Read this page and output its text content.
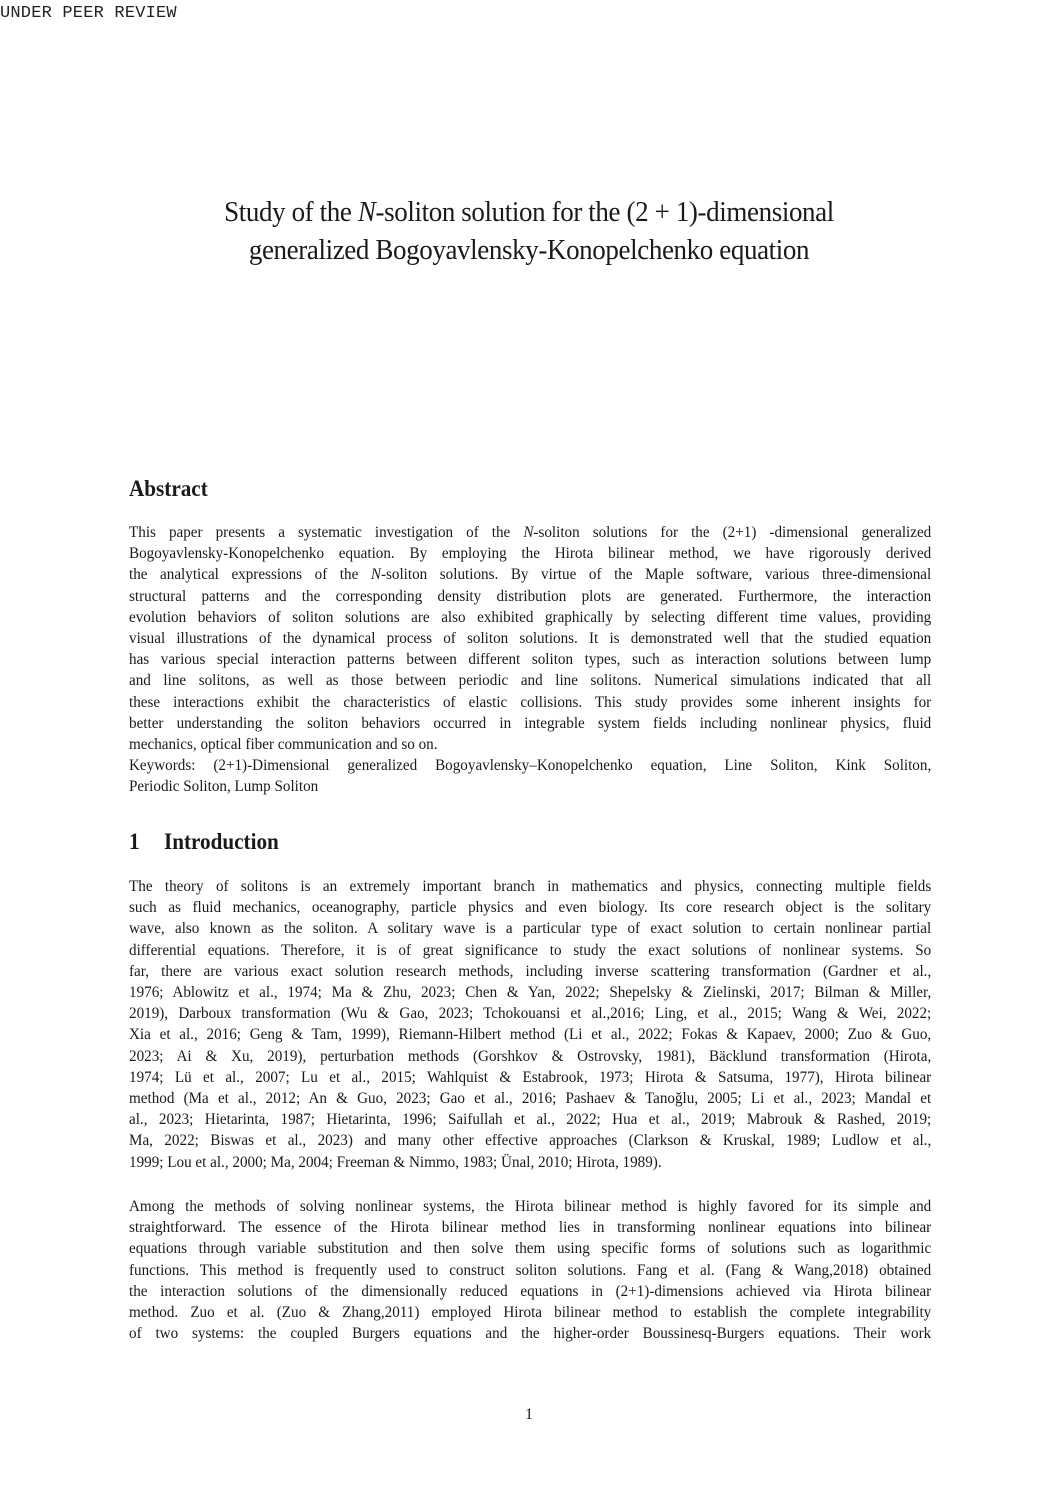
UNDER PEER REVIEW
Study of the N-soliton solution for the (2 + 1)-dimensional
generalized Bogoyavlensky-Konopelchenko equation
Abstract
This paper presents a systematic investigation of the N-soliton solutions for the (2+1) -dimensional generalized
Bogoyavlensky-Konopelchenko equation. By employing the Hirota bilinear method, we have rigorously derived
the analytical expressions of the N-soliton solutions. By virtue of the Maple software, various three-dimensional
structural patterns and the corresponding density distribution plots are generated. Furthermore, the interaction
evolution behaviors of soliton solutions are also exhibited graphically by selecting different time values, providing
visual illustrations of the dynamical process of soliton solutions. It is demonstrated well that the studied equation
has various special interaction patterns between different soliton types, such as interaction solutions between lump
and line solitons, as well as those between periodic and line solitons. Numerical simulations indicated that all
these interactions exhibit the characteristics of elastic collisions. This study provides some inherent insights for
better understanding the soliton behaviors occurred in integrable system fields including nonlinear physics, fluid
mechanics, optical fiber communication and so on.
Keywords: (2+1)-Dimensional generalized Bogoyavlensky–Konopelchenko equation, Line Soliton, Kink Soliton,
Periodic Soliton, Lump Soliton
1 Introduction
The theory of solitons is an extremely important branch in mathematics and physics, connecting multiple fields
such as fluid mechanics, oceanography, particle physics and even biology. Its core research object is the solitary
wave, also known as the soliton. A solitary wave is a particular type of exact solution to certain nonlinear partial
differential equations. Therefore, it is of great significance to study the exact solutions of nonlinear systems. So
far, there are various exact solution research methods, including inverse scattering transformation (Gardner et al.,
1976; Ablowitz et al., 1974; Ma & Zhu, 2023; Chen & Yan, 2022; Shepelsky & Zielinski, 2017; Bilman & Miller,
2019), Darboux transformation (Wu & Gao, 2023; Tchokouansi et al.,2016; Ling, et al., 2015; Wang & Wei, 2022;
Xia et al., 2016; Geng & Tam, 1999), Riemann-Hilbert method (Li et al., 2022; Fokas & Kapaev, 2000; Zuo & Guo,
2023; Ai & Xu, 2019), perturbation methods (Gorshkov & Ostrovsky, 1981), Bäcklund transformation (Hirota,
1974; Lü et al., 2007; Lu et al., 2015; Wahlquist & Estabrook, 1973; Hirota & Satsuma, 1977), Hirota bilinear
method (Ma et al., 2012; An & Guo, 2023; Gao et al., 2016; Pashaev & Tanoğlu, 2005; Li et al., 2023; Mandal et
al., 2023; Hietarinta, 1987; Hietarinta, 1996; Saifullah et al., 2022; Hua et al., 2019; Mabrouk & Rashed, 2019;
Ma, 2022; Biswas et al., 2023) and many other effective approaches (Clarkson & Kruskal, 1989; Ludlow et al.,
1999; Lou et al., 2000; Ma, 2004; Freeman & Nimmo, 1983; Ünal, 2010; Hirota, 1989).
Among the methods of solving nonlinear systems, the Hirota bilinear method is highly favored for its simple and
straightforward. The essence of the Hirota bilinear method lies in transforming nonlinear equations into bilinear
equations through variable substitution and then solve them using specific forms of solutions such as logarithmic
functions. This method is frequently used to construct soliton solutions. Fang et al. (Fang & Wang,2018) obtained
the interaction solutions of the dimensionally reduced equations in (2+1)-dimensions achieved via Hirota bilinear
method. Zuo et al. (Zuo & Zhang,2011) employed Hirota bilinear method to establish the complete integrability
of two systems: the coupled Burgers equations and the higher-order Boussinesq-Burgers equations. Their work
1
